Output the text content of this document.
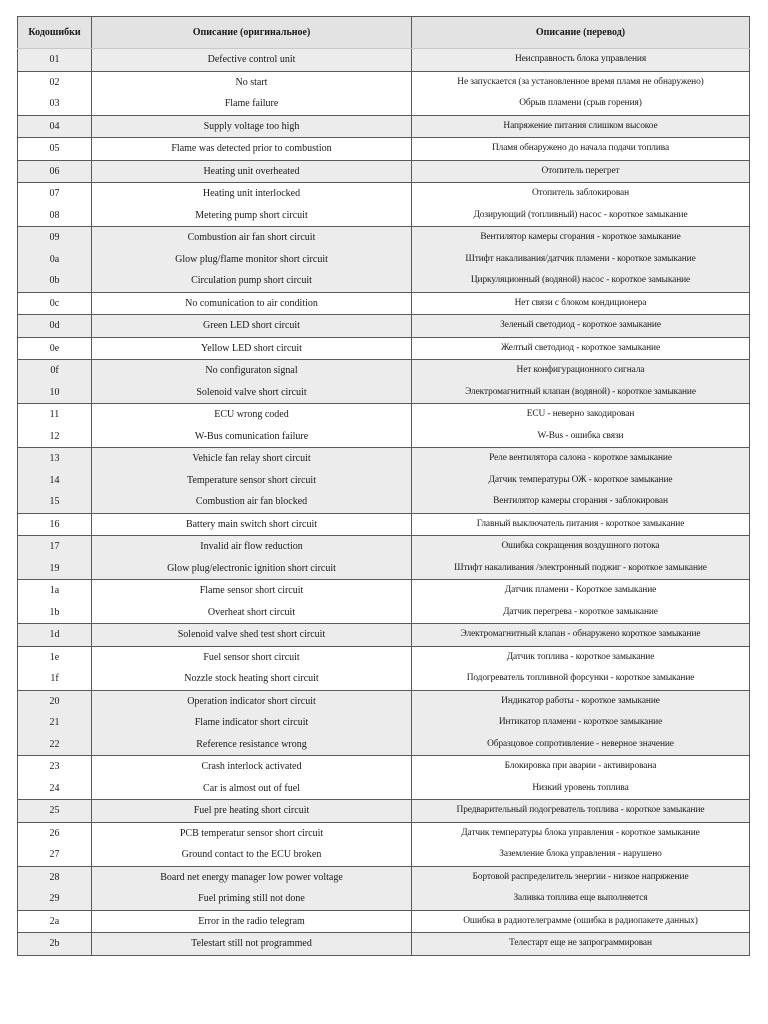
Кодошибки	Описание (оригинальное)	Описание (перевод)
01	Defective control unit	Неисправность блока управления
02	No start	Не запускается (за установленное время пламя не обнаружено)
03	Flame failure	Обрыв пламени (срыв горения)
04	Supply voltage too high	Напряжение питания слишком высокое
05	Flame was detected prior to combustion	Пламя обнаружено до начала подачи топлива
06	Heating unit overheated	Отопитель перегрет
07	Heating unit interlocked	Отопитель заблокирован
08	Metering pump short circuit	Дозирующий (топливный) насос - короткое замыкание
09	Combustion air fan short circuit	Вентилятор камеры сгорания - короткое замыкание
0a	Glow plug/flame monitor short circuit	Штифт накаливания/датчик пламени - короткое замыкание
0b	Circulation pump short circuit	Циркуляционный (водяной) насос - короткое замыкание
0c	No comunication to air condition	Нет связи с блоком кондиционера
0d	Green LED short circuit	Зеленый светодиод - короткое замыкание
0e	Yellow LED short circuit	Желтый светодиод - короткое замыкание
0f	No configuraton signal	Нет конфигурационного сигнала
10	Solenoid valve short circuit	Электромагнитный клапан (водяной) - короткое замыкание
11	ECU wrong coded	ECU - неверно закодирован
12	W-Bus comunication failure	W-Bus - ошибка связи
13	Vehicle fan relay short circuit	Реле вентилятора салона - короткое замыкание
14	Temperature sensor short circuit	Датчик температуры ОЖ - короткое замыкание
15	Combustion air fan blocked	Вентилятор камеры сгорания - заблокирован
16	Battery main switch short circuit	Главный выключатель питания - короткое замыкание
17	Invalid air flow reduction	Ошибка сокращения воздушного потока
19	Glow plug/electronic ignition short circuit	Штифт накаливания /электронный поджиг - короткое замыкание
1a	Flame sensor short circuit	Датчик пламени - Короткое замыкание
1b	Overheat short circuit	Датчик перегрева - короткое замыкание
1d	Solenoid valve shed test short circuit	Электромагнитный клапан - обнаружено короткое замыкание
1e	Fuel sensor short circuit	Датчик топлива - короткое замыкание
1f	Nozzle stock heating short circuit	Подогреватель топливной форсунки - короткое замыкание
20	Operation indicator short circuit	Индикатор работы - короткое замыкание
21	Flame indicator short circuit	Интикатор пламени - короткое замыкание
22	Reference resistance wrong	Образцовое сопротивление - неверное значение
23	Crash interlock activated	Блокировка при аварии - активирована
24	Car is almost out of fuel	Низкий уровень топлива
25	Fuel pre heating short circuit	Предварительный подогреватель топлива - короткое замыкание
26	PCB temperatur sensor short circuit	Датчик температуры блока управления - короткое замыкание
27	Ground contact to the ECU broken	Заземление блока управления - нарушено
28	Board net energy manager low power voltage	Бортовой распределитель энергии - низкое напряжение
29	Fuel priming still not done	Заливка топлива еще выполняется
2a	Error in the radio telegram	Ошибка в радиотелеграмме (ошибка в радиопакете данных)
2b	Telestart still not programmed	Телестарт еще не запрограммирован
